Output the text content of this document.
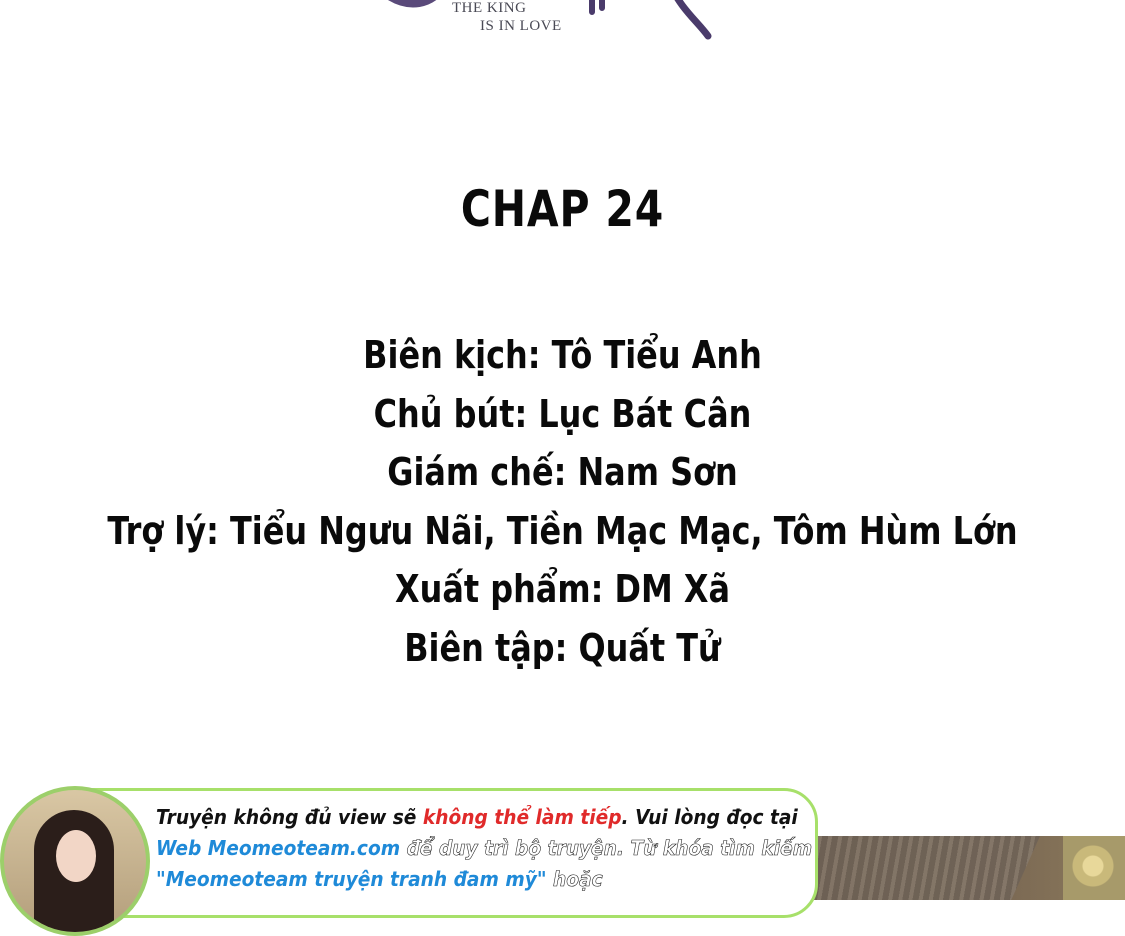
THE KING
IS IN LOVE
CHAP 24
Biên kịch: Tô Tiểu Anh
Chủ bút: Lục Bát Cân
Giám chế: Nam Sơn
Trợ lý: Tiểu Ngưu Nãi, Tiền Mạc Mạc, Tôm Hùm Lớn
Xuất phẩm: DM Xã
Biên tập: Quất Tử
Truyện không đủ view sẽ không thể làm tiếp. Vui lòng đọc tại
Web Meomeoteam.com để duy trì bộ truyện. Từ khóa tìm kiếm
"Meomeoteam truyện tranh đam mỹ" hoặc
